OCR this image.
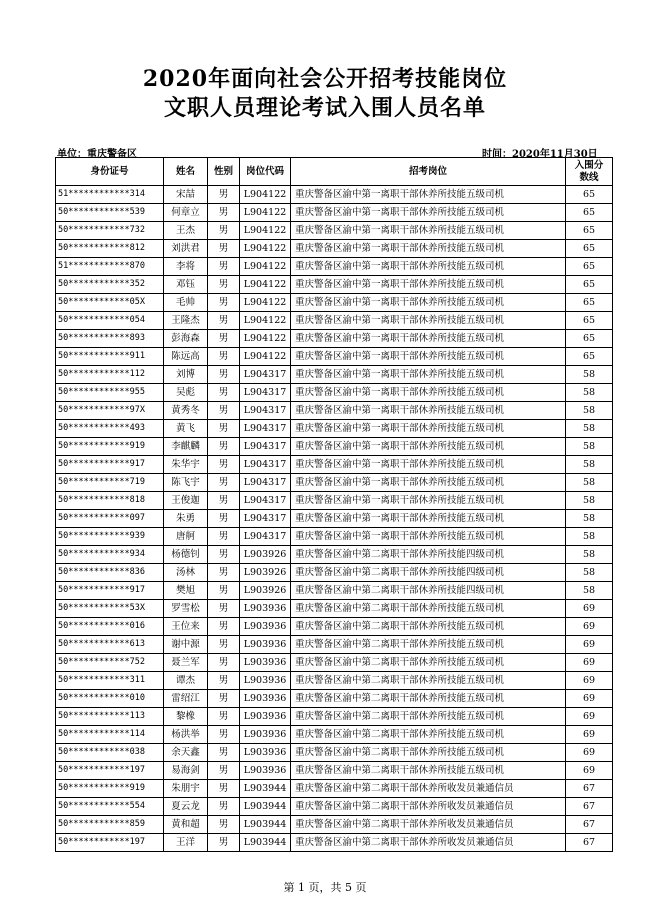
2020年面向社会公开招考技能岗位
文职人员理论考试入围人员名单
单位：重庆警备区	时间：2020年11月30日
身份证号	姓名	性别	岗位代码	招考岗位	入围分数线
51************314	宋喆	男	L904122	重庆警备区渝中第一离职干部休养所技能五级司机	65
50************539	何章立	男	L904122	重庆警备区渝中第一离职干部休养所技能五级司机	65
50************732	王杰	男	L904122	重庆警备区渝中第一离职干部休养所技能五级司机	65
50************812	刘洪君	男	L904122	重庆警备区渝中第一离职干部休养所技能五级司机	65
51************870	李将	男	L904122	重庆警备区渝中第一离职干部休养所技能五级司机	65
50************352	邓钰	男	L904122	重庆警备区渝中第一离职干部休养所技能五级司机	65
50************05X	毛帅	男	L904122	重庆警备区渝中第一离职干部休养所技能五级司机	65
50************054	王隆杰	男	L904122	重庆警备区渝中第一离职干部休养所技能五级司机	65
50************893	彭海森	男	L904122	重庆警备区渝中第一离职干部休养所技能五级司机	65
50************911	陈远高	男	L904122	重庆警备区渝中第一离职干部休养所技能五级司机	65
50************112	刘博	男	L904317	重庆警备区渝中第一离职干部休养所技能五级司机	58
50************955	吴彪	男	L904317	重庆警备区渝中第一离职干部休养所技能五级司机	58
50************97X	黄秀冬	男	L904317	重庆警备区渝中第一离职干部休养所技能五级司机	58
50************493	黄飞	男	L904317	重庆警备区渝中第一离职干部休养所技能五级司机	58
50************919	李麒麟	男	L904317	重庆警备区渝中第一离职干部休养所技能五级司机	58
50************917	朱华宇	男	L904317	重庆警备区渝中第一离职干部休养所技能五级司机	58
50************719	陈飞宇	男	L904317	重庆警备区渝中第一离职干部休养所技能五级司机	58
50************818	王俊迦	男	L904317	重庆警备区渝中第一离职干部休养所技能五级司机	58
50************097	朱勇	男	L904317	重庆警备区渝中第一离职干部休养所技能五级司机	58
50************939	唐舸	男	L904317	重庆警备区渝中第一离职干部休养所技能五级司机	58
50************934	杨德钊	男	L903926	重庆警备区渝中第二离职干部休养所技能四级司机	58
50************836	汤林	男	L903926	重庆警备区渝中第二离职干部休养所技能四级司机	58
50************917	樊旭	男	L903926	重庆警备区渝中第二离职干部休养所技能四级司机	58
50************53X	罗雪松	男	L903936	重庆警备区渝中第二离职干部休养所技能五级司机	69
50************016	王位来	男	L903936	重庆警备区渝中第二离职干部休养所技能五级司机	69
50************613	谢中源	男	L903936	重庆警备区渝中第二离职干部休养所技能五级司机	69
50************752	聂兰军	男	L903936	重庆警备区渝中第二离职干部休养所技能五级司机	69
50************311	谭杰	男	L903936	重庆警备区渝中第二离职干部休养所技能五级司机	69
50************010	雷绍江	男	L903936	重庆警备区渝中第二离职干部休养所技能五级司机	69
50************113	黎橡	男	L903936	重庆警备区渝中第二离职干部休养所技能五级司机	69
50************114	杨洪举	男	L903936	重庆警备区渝中第二离职干部休养所技能五级司机	69
50************038	余天鑫	男	L903936	重庆警备区渝中第二离职干部休养所技能五级司机	69
50************197	易海剑	男	L903936	重庆警备区渝中第二离职干部休养所技能五级司机	69
50************919	朱朋宇	男	L903944	重庆警备区渝中第二离职干部休养所收发员兼通信员	67
50************554	夏云龙	男	L903944	重庆警备区渝中第二离职干部休养所收发员兼通信员	67
50************859	黄和超	男	L903944	重庆警备区渝中第二离职干部休养所收发员兼通信员	67
50************197	王洋	男	L903944	重庆警备区渝中第二离职干部休养所收发员兼通信员	67
第 1 页，共 5 页
